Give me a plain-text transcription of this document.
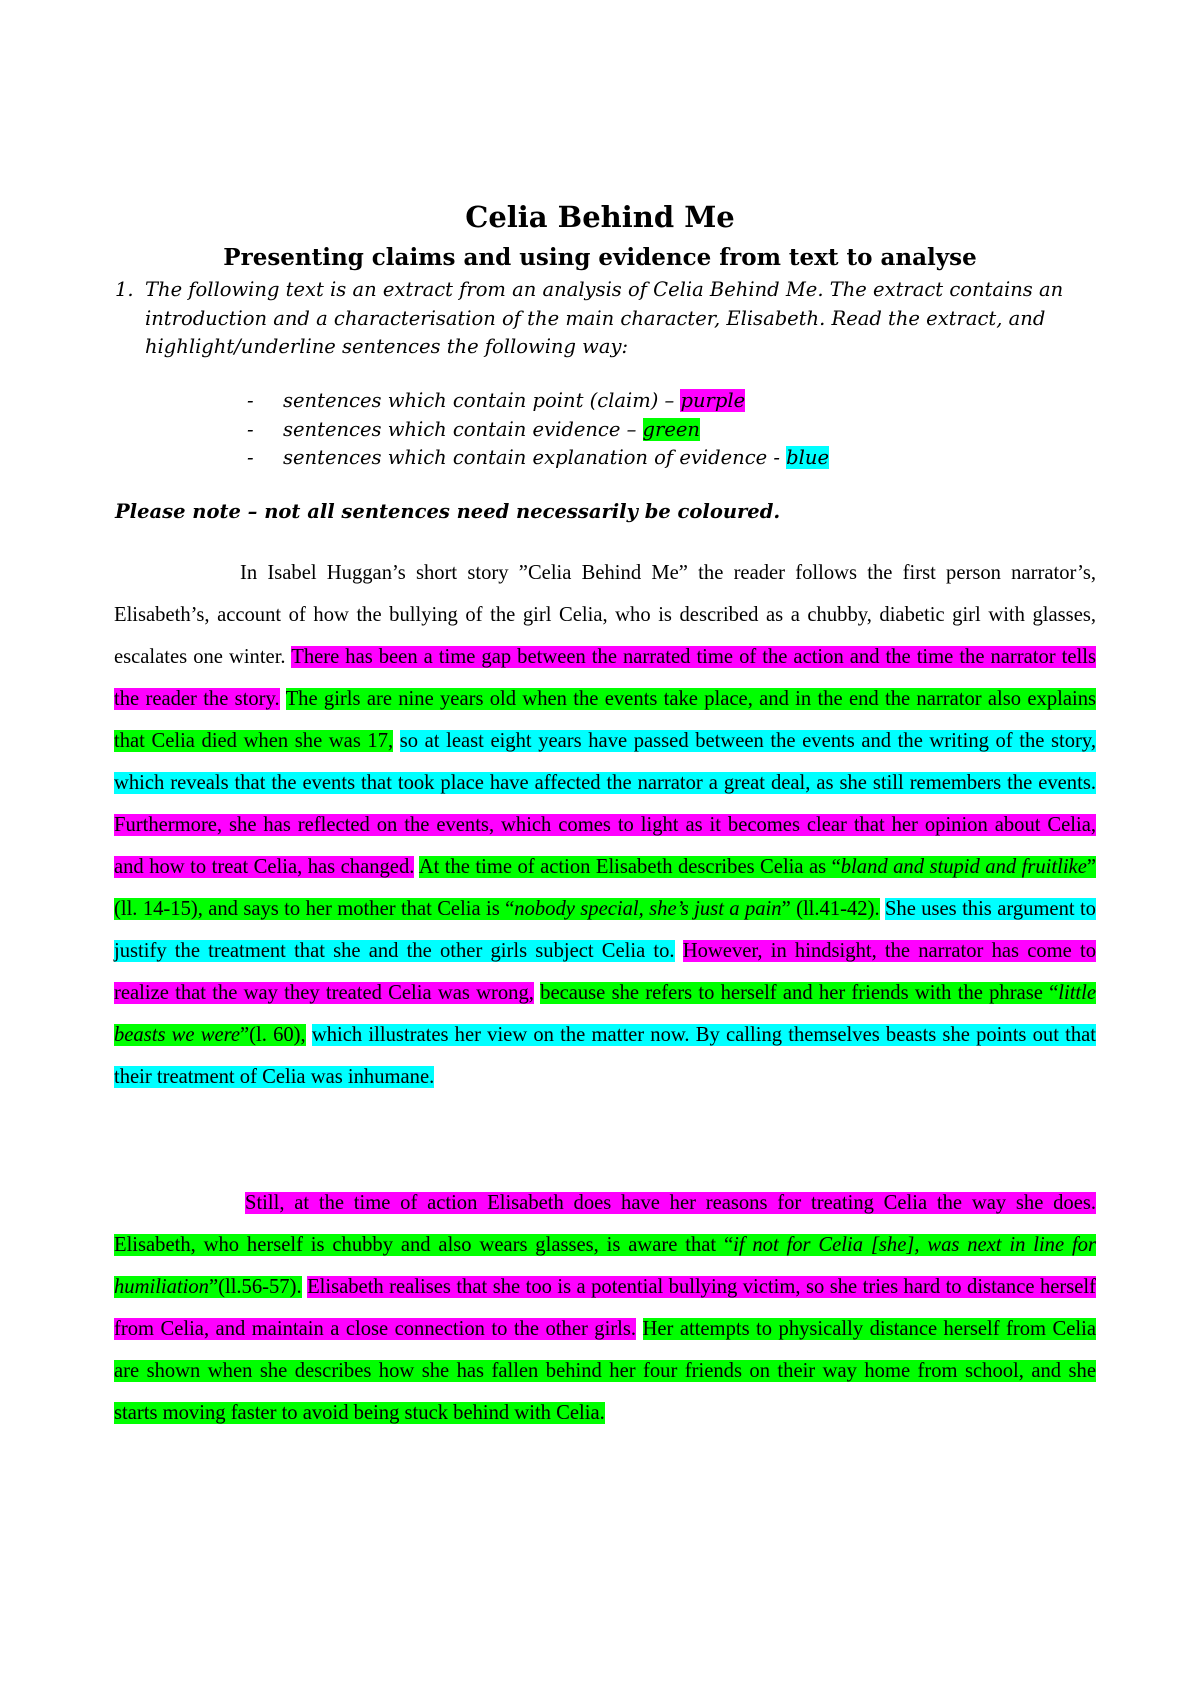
Celia Behind Me
Presenting claims and using evidence from text to analyse
1. The following text is an extract from an analysis of Celia Behind Me. The extract contains an introduction and a characterisation of the main character, Elisabeth. Read the extract, and highlight/underline sentences the following way:
- sentences which contain point (claim) – purple
- sentences which contain evidence – green
- sentences which contain explanation of evidence - blue
Please note – not all sentences need necessarily be coloured.
In Isabel Huggan’s short story ”Celia Behind Me” the reader follows the first person narrator’s, Elisabeth’s, account of how the bullying of the girl Celia, who is described as a chubby, diabetic girl with glasses, escalates one winter. There has been a time gap between the narrated time of the action and the time the narrator tells the reader the story. The girls are nine years old when the events take place, and in the end the narrator also explains that Celia died when she was 17, so at least eight years have passed between the events and the writing of the story, which reveals that the events that took place have affected the narrator a great deal, as she still remembers the events. Furthermore, she has reflected on the events, which comes to light as it becomes clear that her opinion about Celia, and how to treat Celia, has changed. At the time of action Elisabeth describes Celia as “bland and stupid and fruitlike” (ll. 14-15), and says to her mother that Celia is “nobody special, she’s just a pain” (ll.41-42). She uses this argument to justify the treatment that she and the other girls subject Celia to. However, in hindsight, the narrator has come to realize that the way they treated Celia was wrong, because she refers to herself and her friends with the phrase “little beasts we were”(l. 60), which illustrates her view on the matter now. By calling themselves beasts she points out that their treatment of Celia was inhumane.
Still, at the time of action Elisabeth does have her reasons for treating Celia the way she does. Elisabeth, who herself is chubby and also wears glasses, is aware that “if not for Celia [she], was next in line for humiliation”(ll.56-57). Elisabeth realises that she too is a potential bullying victim, so she tries hard to distance herself from Celia, and maintain a close connection to the other girls. Her attempts to physically distance herself from Celia are shown when she describes how she has fallen behind her four friends on their way home from school, and she starts moving faster to avoid being stuck behind with Celia.
